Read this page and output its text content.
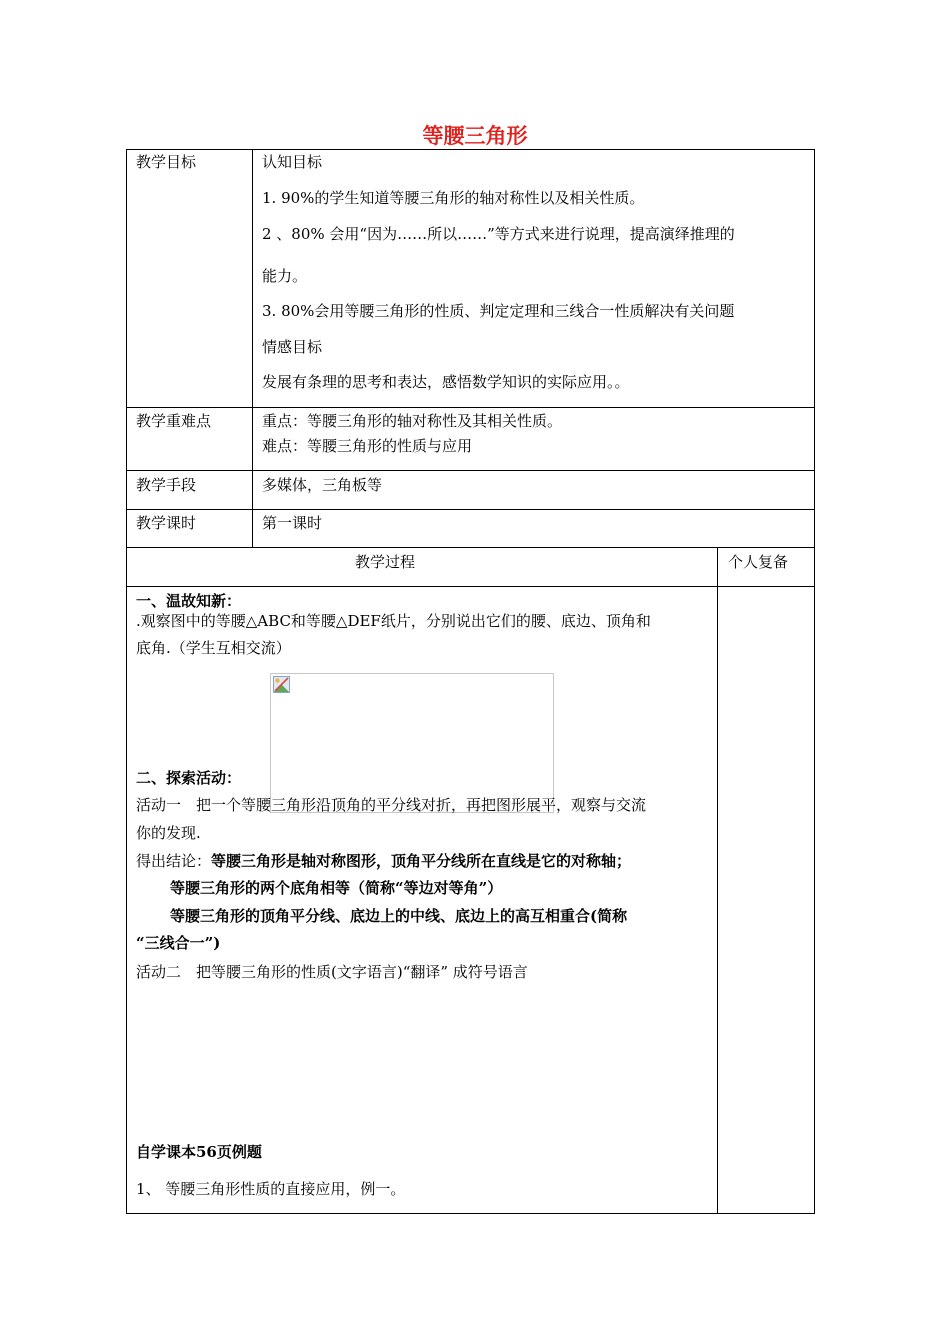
等腰三角形
教学目标	认知目标
1. 90%的学生知道等腰三角形的轴对称性以及相关性质。
2 、80% 会用“因为……所以……”等方式来进行说理，提高演绎推理的
能力。
3. 80%会用等腰三角形的性质、判定定理和三线合一性质解决有关问题
情感目标
发展有条理的思考和表达，感悟数学知识的实际应用。。
教学重难点	重点：等腰三角形的轴对称性及其相关性质。
难点：等腰三角形的性质与应用
教学手段	多媒体，三角板等
教学课时	第一课时
教学过程	个人复备
一、温故知新：
.观察图中的等腰△ABC和等腰△DEF纸片，分别说出它们的腰、底边、顶角和
底角.（学生互相交流）
二、探索活动：
活动一　把一个等腰三角形沿顶角的平分线对折，再把图形展平，观察与交流
你的发现.
得出结论：等腰三角形是轴对称图形，顶角平分线所在直线是它的对称轴；
等腰三角形的两个底角相等（简称“等边对等角”）
等腰三角形的顶角平分线、底边上的中线、底边上的高互相重合(简称
“三线合一”)
活动二　把等腰三角形的性质(文字语言)“翻译” 成符号语言
自学课本56页例题
1、 等腰三角形性质的直接应用，例一。
